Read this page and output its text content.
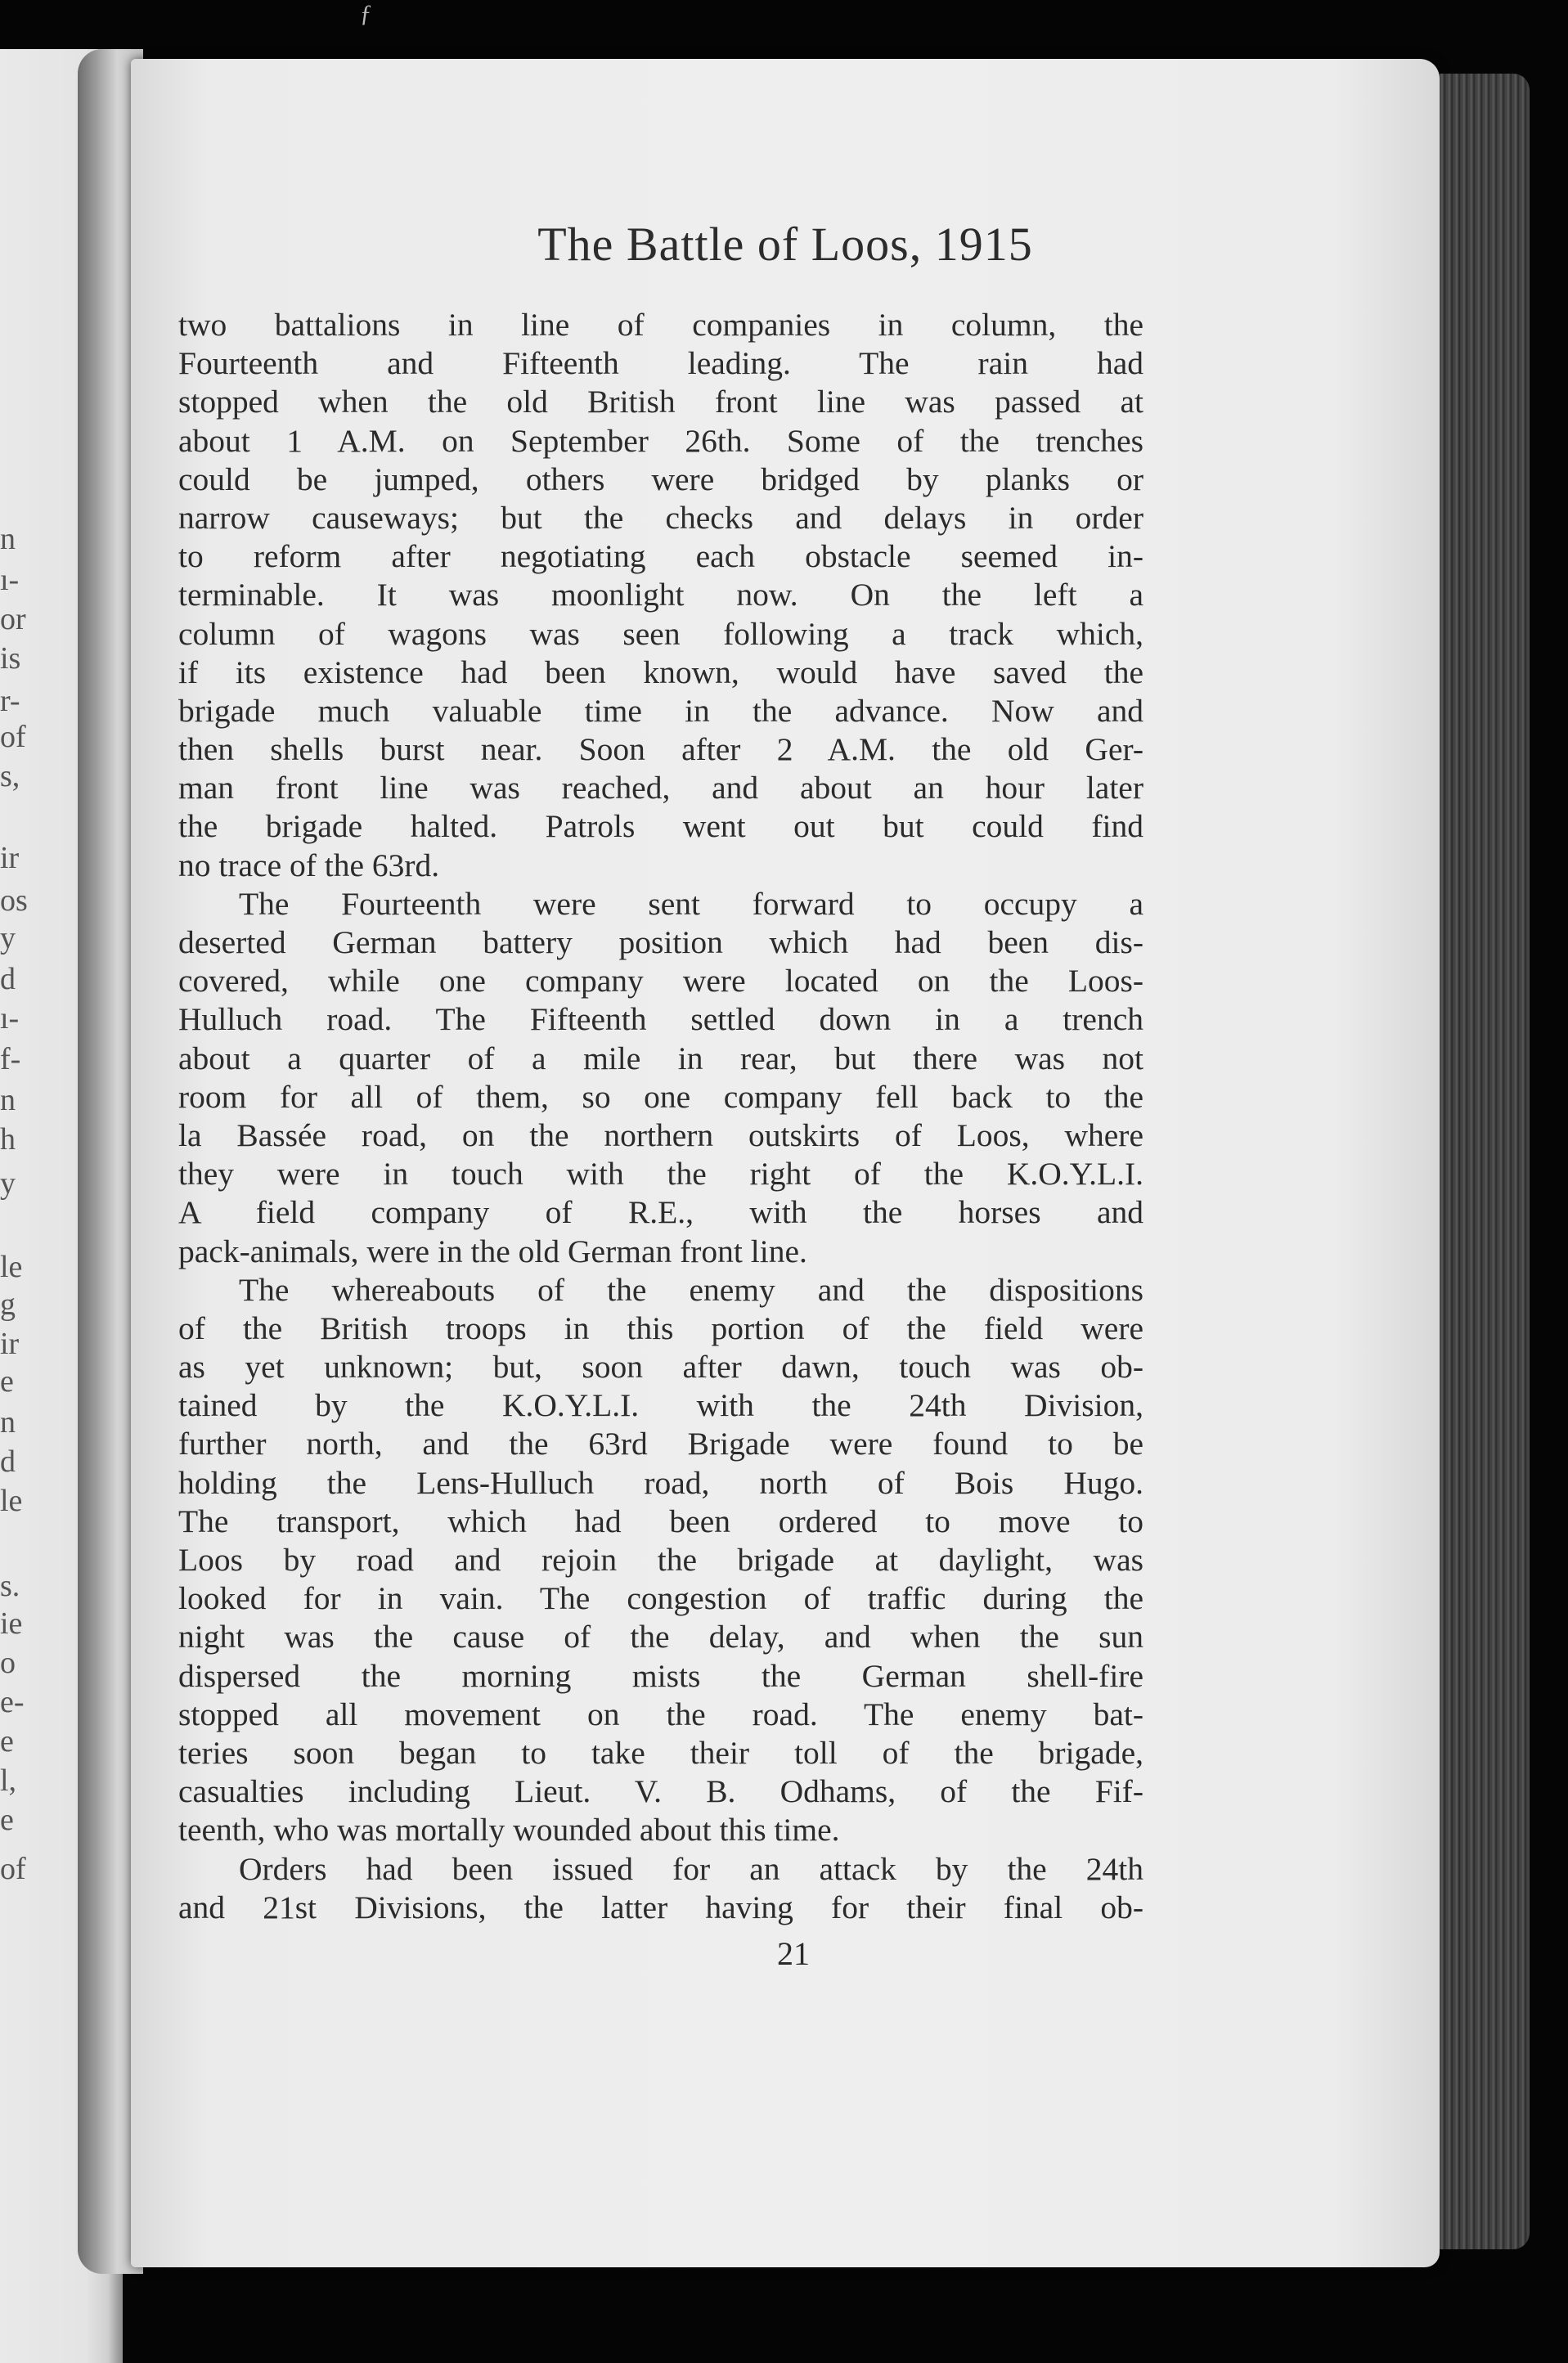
n
ı-
or
is
r-
of
s,
ir
os
y
d
ı-
f-
n
h
y
le
g
ir
e
n
d
le
s.
ie
o
e-
e
l,
e
of
ƒ
The Battle of Loos, 1915
two battalions in line of companies in column, the
Fourteenth and Fifteenth leading. The rain had
stopped when the old British front line was passed at
about 1 A.M. on September 26th. Some of the trenches
could be jumped, others were bridged by planks or
narrow causeways; but the checks and delays in order
to reform after negotiating each obstacle seemed in-
terminable. It was moonlight now. On the left a
column of wagons was seen following a track which,
if its existence had been known, would have saved the
brigade much valuable time in the advance. Now and
then shells burst near. Soon after 2 A.M. the old Ger-
man front line was reached, and about an hour later
the brigade halted. Patrols went out but could find
no trace of the 63rd.
The Fourteenth were sent forward to occupy a
deserted German battery position which had been dis-
covered, while one company were located on the Loos-
Hulluch road. The Fifteenth settled down in a trench
about a quarter of a mile in rear, but there was not
room for all of them, so one company fell back to the
la Bassée road, on the northern outskirts of Loos, where
they were in touch with the right of the K.O.Y.L.I.
A field company of R.E., with the horses and
pack-animals, were in the old German front line.
The whereabouts of the enemy and the dispositions
of the British troops in this portion of the field were
as yet unknown; but, soon after dawn, touch was ob-
tained by the K.O.Y.L.I. with the 24th Division,
further north, and the 63rd Brigade were found to be
holding the Lens-Hulluch road, north of Bois Hugo.
The transport, which had been ordered to move to
Loos by road and rejoin the brigade at daylight, was
looked for in vain. The congestion of traffic during the
night was the cause of the delay, and when the sun
dispersed the morning mists the German shell-fire
stopped all movement on the road. The enemy bat-
teries soon began to take their toll of the brigade,
casualties including Lieut. V. B. Odhams, of the Fif-
teenth, who was mortally wounded about this time.
Orders had been issued for an attack by the 24th
and 21st Divisions, the latter having for their final ob-
21
